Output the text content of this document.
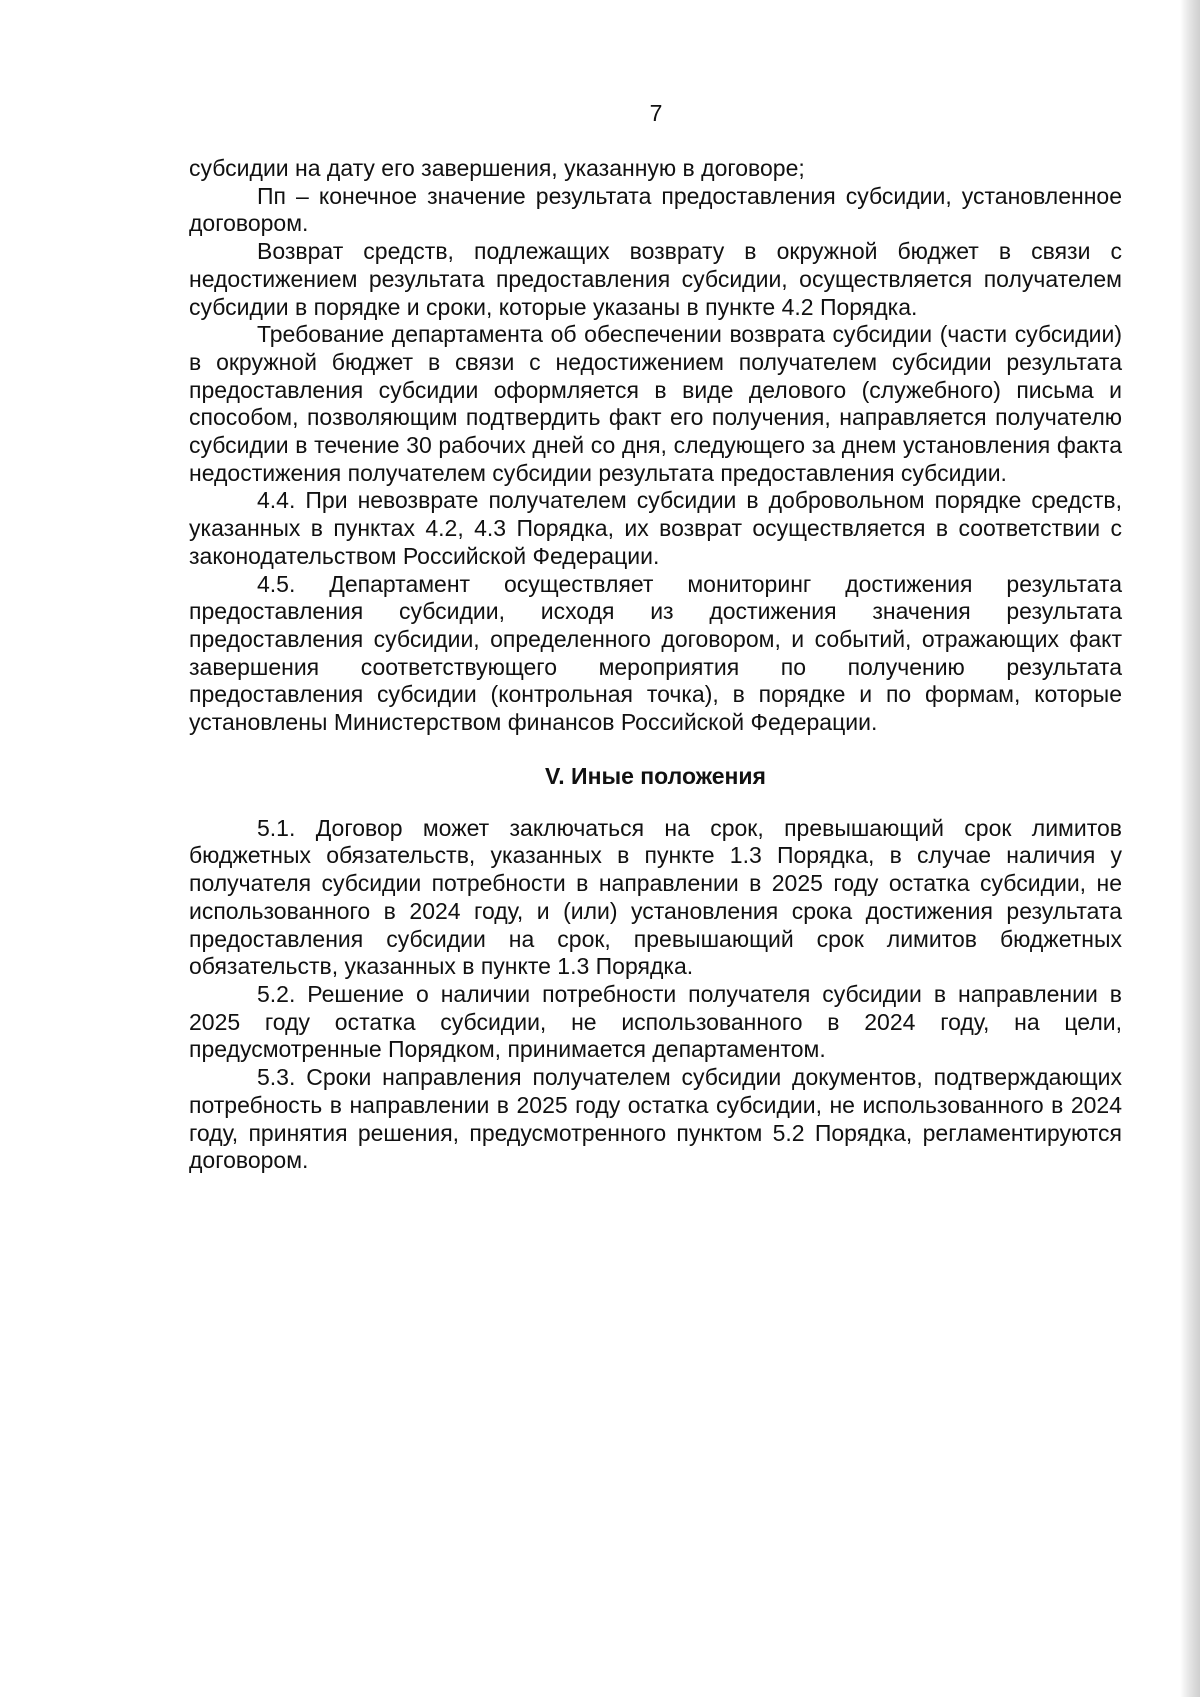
7

субсидии на дату его завершения, указанную в договоре;

Пп – конечное значение результата предоставления субсидии, установленное договором.

Возврат средств, подлежащих возврату в окружной бюджет в связи с недостижением результата предоставления субсидии, осуществляется получателем субсидии в порядке и сроки, которые указаны в пункте 4.2 Порядка.

Требование департамента об обеспечении возврата субсидии (части субсидии) в окружной бюджет в связи с недостижением получателем субсидии результата предоставления субсидии оформляется в виде делового (служебного) письма и способом, позволяющим подтвердить факт его получения, направляется получателю субсидии в течение 30 рабочих дней со дня, следующего за днем установления факта недостижения получателем субсидии результата предоставления субсидии.

4.4. При невозврате получателем субсидии в добровольном порядке средств, указанных в пунктах 4.2, 4.3 Порядка, их возврат осуществляется в соответствии с законодательством Российской Федерации.

4.5. Департамент осуществляет мониторинг достижения результата предоставления субсидии, исходя из достижения значения результата предоставления субсидии, определенного договором, и событий, отражающих факт завершения соответствующего мероприятия по получению результата предоставления субсидии (контрольная точка), в порядке и по формам, которые установлены Министерством финансов Российской Федерации.

V. Иные положения

5.1. Договор может заключаться на срок, превышающий срок лимитов бюджетных обязательств, указанных в пункте 1.3 Порядка, в случае наличия у получателя субсидии потребности в направлении в 2025 году остатка субсидии, не использованного в 2024 году, и (или) установления срока достижения результата предоставления субсидии на срок, превышающий срок лимитов бюджетных обязательств, указанных в пункте 1.3 Порядка.

5.2. Решение о наличии потребности получателя субсидии в направлении в 2025 году остатка субсидии, не использованного в 2024 году, на цели, предусмотренные Порядком, принимается департаментом.

5.3. Сроки направления получателем субсидии документов, подтверждающих потребность в направлении в 2025 году остатка субсидии, не использованного в 2024 году, принятия решения, предусмотренного пунктом 5.2 Порядка, регламентируются договором.
